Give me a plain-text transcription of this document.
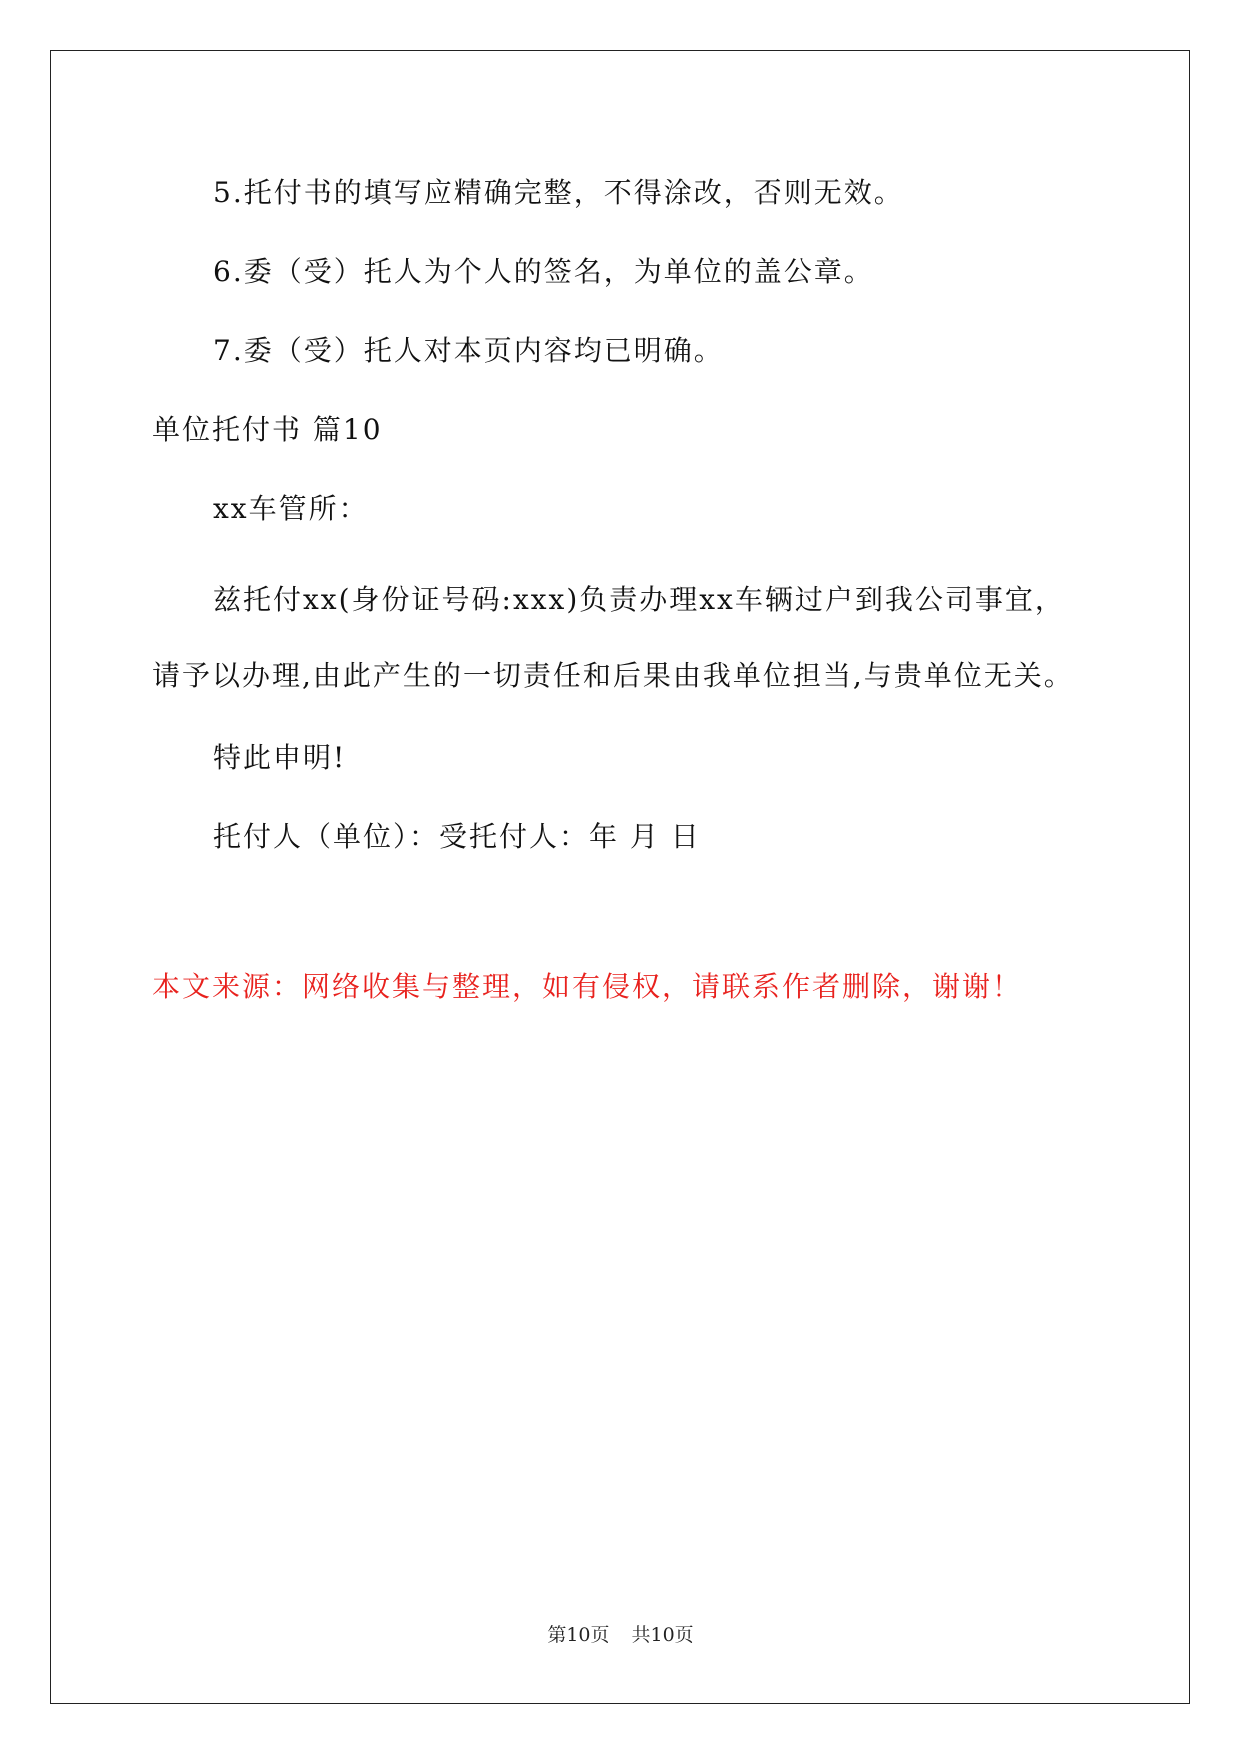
5.托付书的填写应精确完整，不得涂改，否则无效。
6.委（受）托人为个人的签名，为单位的盖公章。
7.委（受）托人对本页内容均已明确。
单位托付书 篇10
xx车管所：
兹托付xx(身份证号码:xxx)负责办理xx车辆过户到我公司事宜，
请予以办理,由此产生的一切责任和后果由我单位担当,与贵单位无关。
特此申明!
托付人（单位）：受托付人：年 月 日
本文来源：网络收集与整理，如有侵权，请联系作者删除，谢谢！
第10页 共10页
